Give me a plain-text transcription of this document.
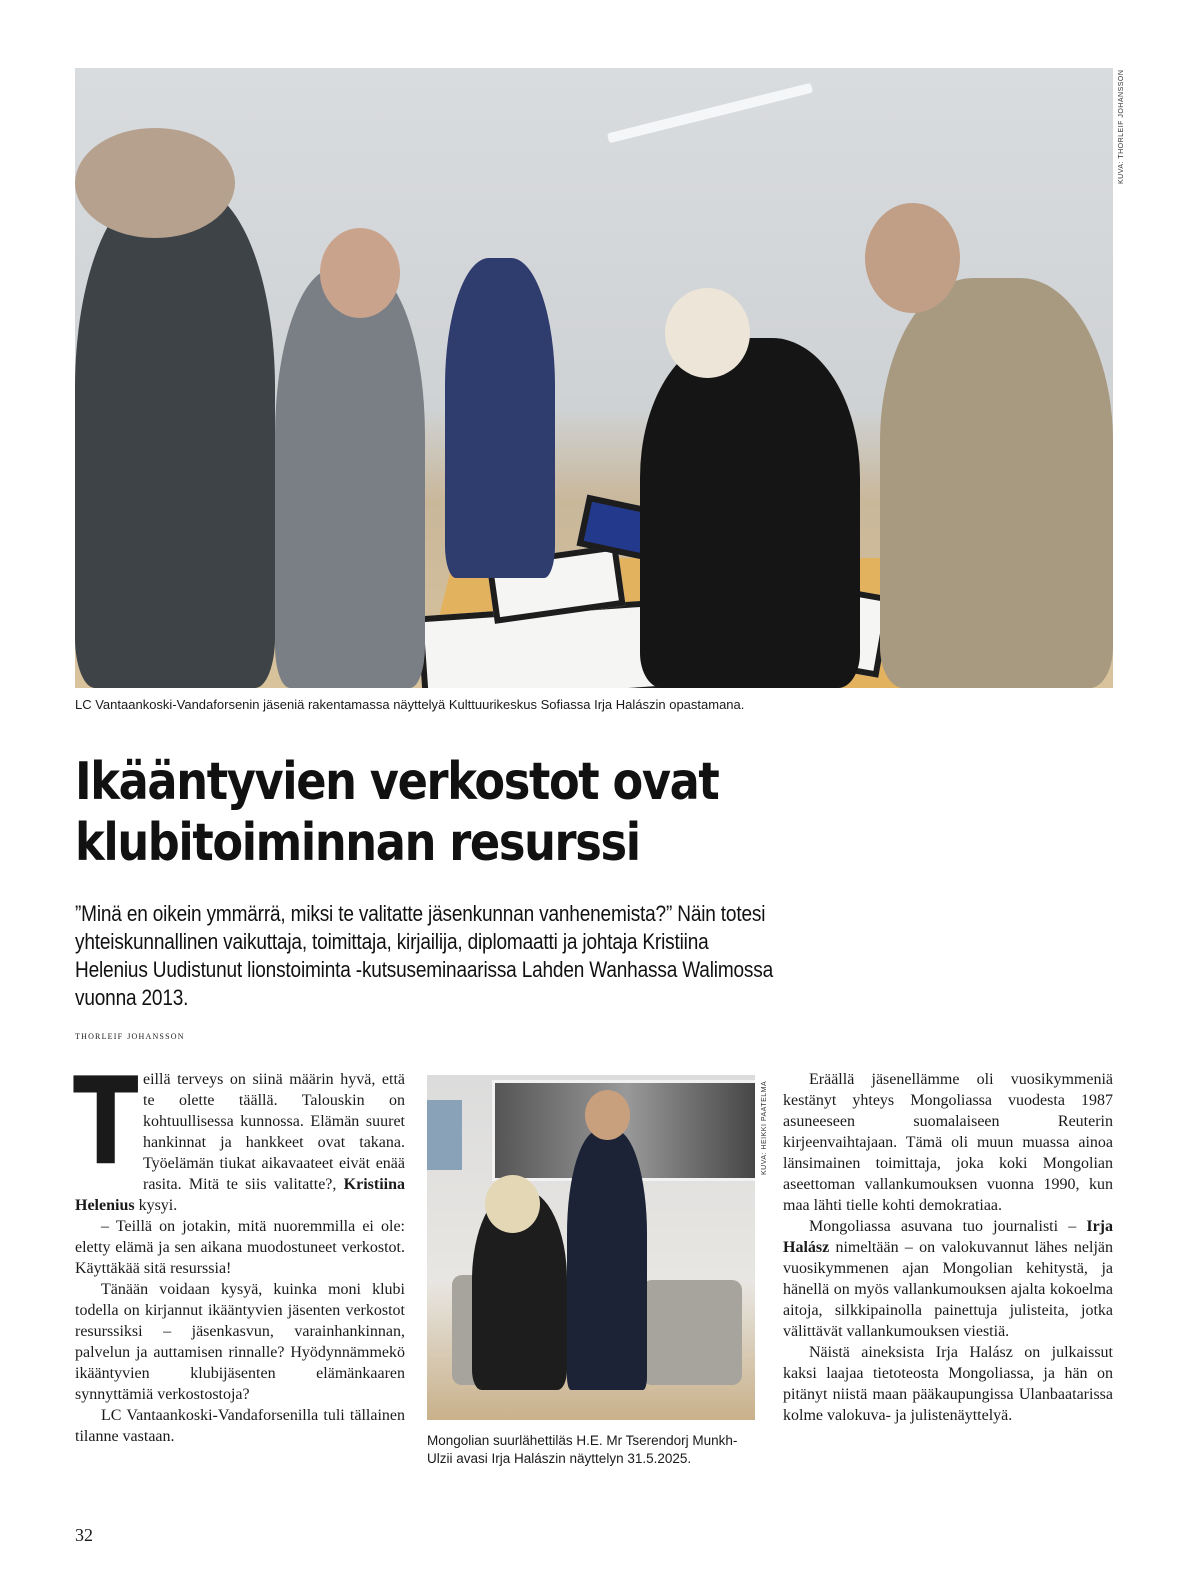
KUVA: THORLEIF JOHANSSON
LC Vantaankoski-Vandaforsenin jäseniä rakentamassa näyttelyä Kulttuurikeskus Sofiassa Irja Halászin opastamana.
Ikääntyvien verkostot ovat
klubitoiminnan resurssi
”Minä en oikein ymmärrä, miksi te valitatte jäsenkunnan vanhenemista?” Näin totesi yhteiskunnallinen vaikuttaja, toimittaja, kirjailija, diplomaatti ja johtaja Kristiina Helenius Uudistunut lionstoiminta -kutsuseminaarissa Lahden Wanhassa Walimossa vuonna 2013.
thorleif johansson

Teillä terveys on siinä määrin hyvä, että te olette täällä. Talouskin on kohtuullisessa kunnossa. Elämän suuret hankinnat ja hankkeet ovat takana. Työelämän tiukat aikavaateet eivät enää rasita. Mitä te siis valitatte?, Kristiina Helenius kysyi.

– Teillä on jotakin, mitä nuoremmilla ei ole: eletty elämä ja sen aikana muodostuneet verkostot. Käyttäkää sitä resurssia!

Tänään voidaan kysyä, kuinka moni klubi todella on kirjannut ikääntyvien jäsenten verkostot resurssiksi – jäsenkasvun, varainhankinnan, palvelun ja auttamisen rinnalle? Hyödynnämmekö ikääntyvien klubijäsenten elämänkaaren synnyttämiä verkostostoja?

LC Vantaankoski-Vandaforsenilla tuli tällainen tilanne vastaan.

KUVA: HEIKKI PAATELMA
Mongolian suurlähettiläs H.E. Mr Tserendorj Munkh-
Ulzii avasi Irja Halászin näyttelyn 31.5.2025.

Eräällä jäsenellämme oli vuosikymmeniä kestänyt yhteys Mongoliassa vuodesta 1987 asuneeseen suomalaiseen Reuterin kirjeenvaihtajaan. Tämä oli muun muassa ainoa länsimainen toimittaja, joka koki Mongolian aseettoman vallankumouksen vuonna 1990, kun maa lähti tielle kohti demokratiaa.

Mongoliassa asuvana tuo journalisti – Irja Halász nimeltään – on valokuvannut lähes neljän vuosikymmenen ajan Mongolian kehitystä, ja hänellä on myös vallankumouksen ajalta kokoelma aitoja, silkkipainolla painettuja julisteita, jotka välittävät vallankumouksen viestiä.

Näistä aineksista Irja Halász on julkaissut kaksi laajaa tietoteosta Mongoliassa, ja hän on pitänyt niistä maan pääkaupungissa Ulanbaatarissa kolme valokuva- ja julistenäyttelyä.

32
